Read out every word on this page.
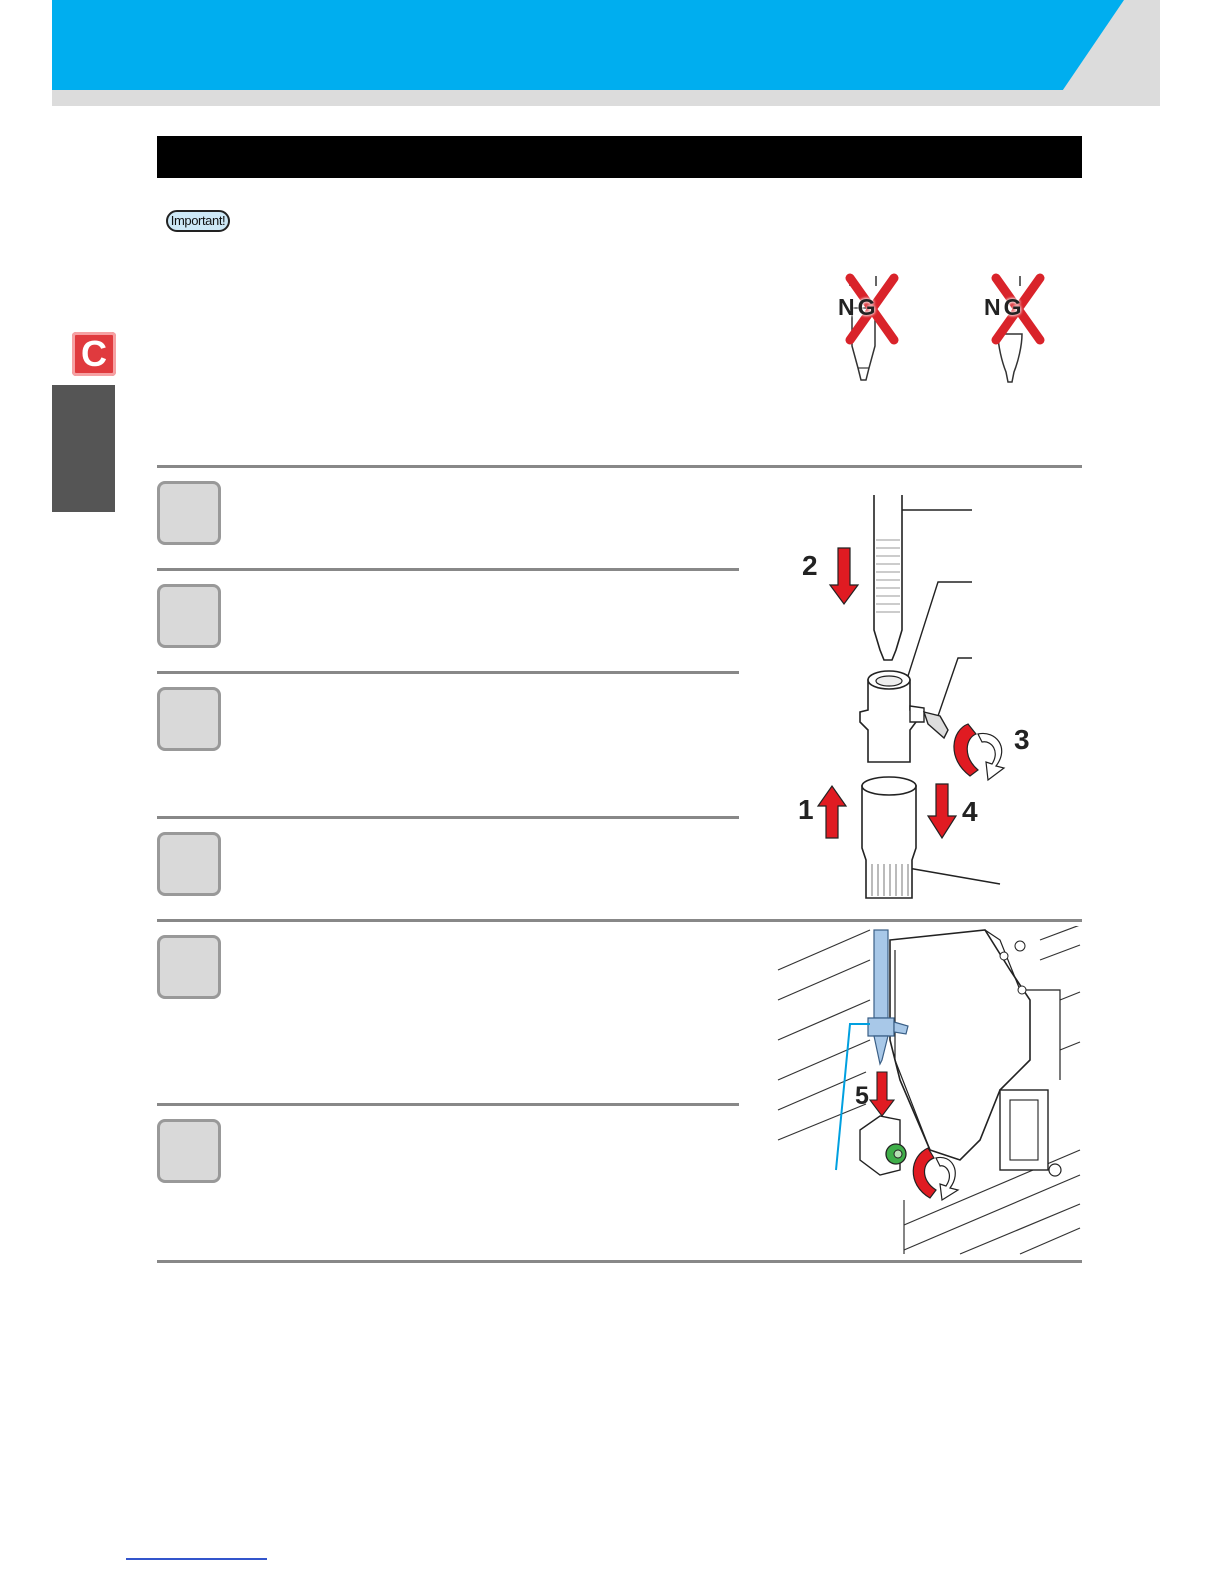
Important!
C
NG	NG
2
3
1	4
5
